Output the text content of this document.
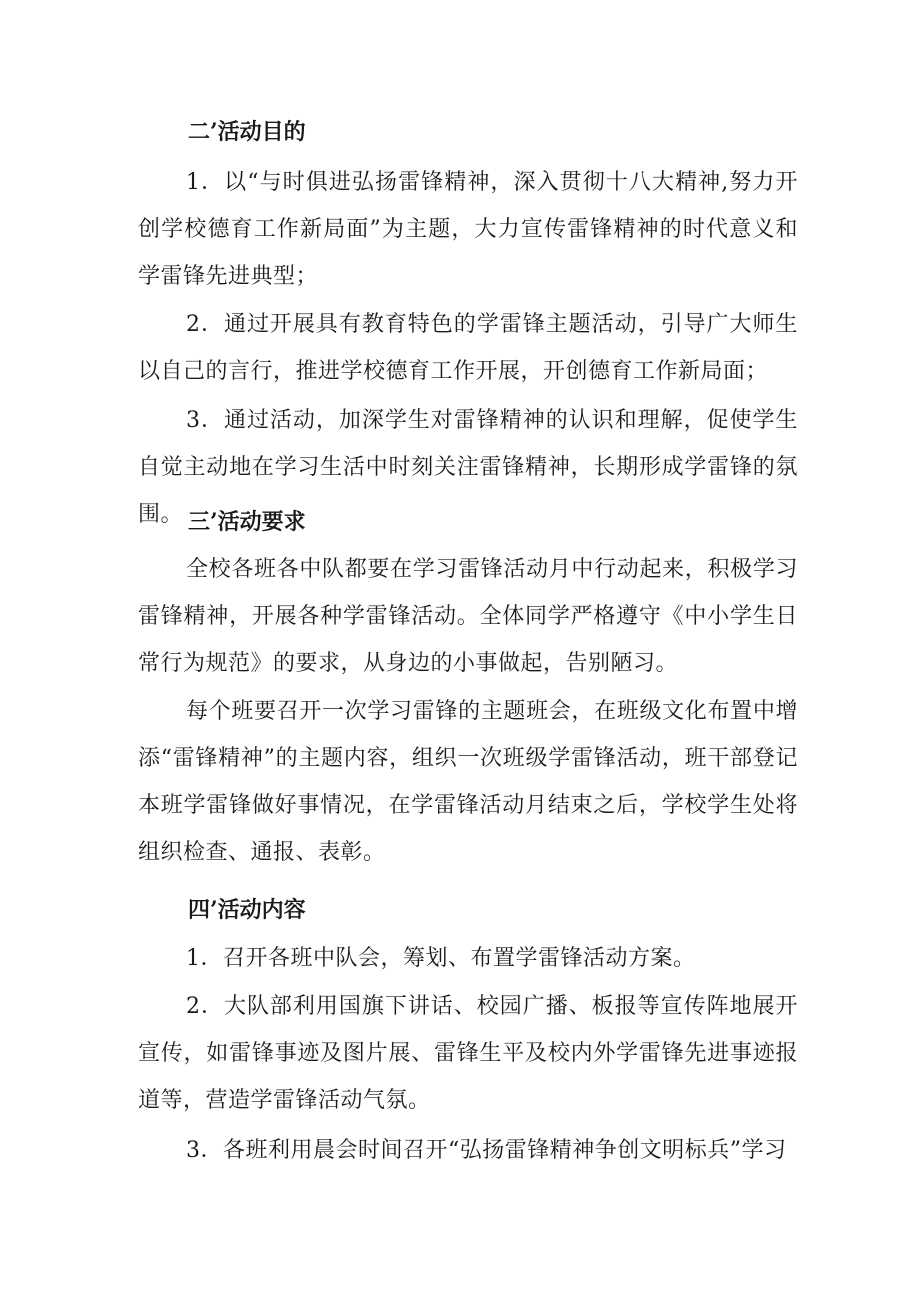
二’活动目的
1．以“与时俱进弘扬雷锋精神，深入贯彻十八大精神,努力开创学校德育工作新局面”为主题，大力宣传雷锋精神的时代意义和学雷锋先进典型；
2．通过开展具有教育特色的学雷锋主题活动，引导广大师生以自己的言行，推进学校德育工作开展，开创德育工作新局面；
3．通过活动，加深学生对雷锋精神的认识和理解，促使学生自觉主动地在学习生活中时刻关注雷锋精神，长期形成学雷锋的氛围。 三’活动要求
全校各班各中队都要在学习雷锋活动月中行动起来，积极学习雷锋精神，开展各种学雷锋活动。全体同学严格遵守《中小学生日常行为规范》的要求，从身边的小事做起，告别陋习。
每个班要召开一次学习雷锋的主题班会，在班级文化布置中增添“雷锋精神”的主题内容，组织一次班级学雷锋活动，班干部登记本班学雷锋做好事情况，在学雷锋活动月结束之后，学校学生处将组织检查、通报、表彰。
四’活动内容
1．召开各班中队会，筹划、布置学雷锋活动方案。
2．大队部利用国旗下讲话、校园广播、板报等宣传阵地展开宣传，如雷锋事迹及图片展、雷锋生平及校内外学雷锋先进事迹报道等，营造学雷锋活动气氛。
3．各班利用晨会时间召开“弘扬雷锋精神争创文明标兵”学习
